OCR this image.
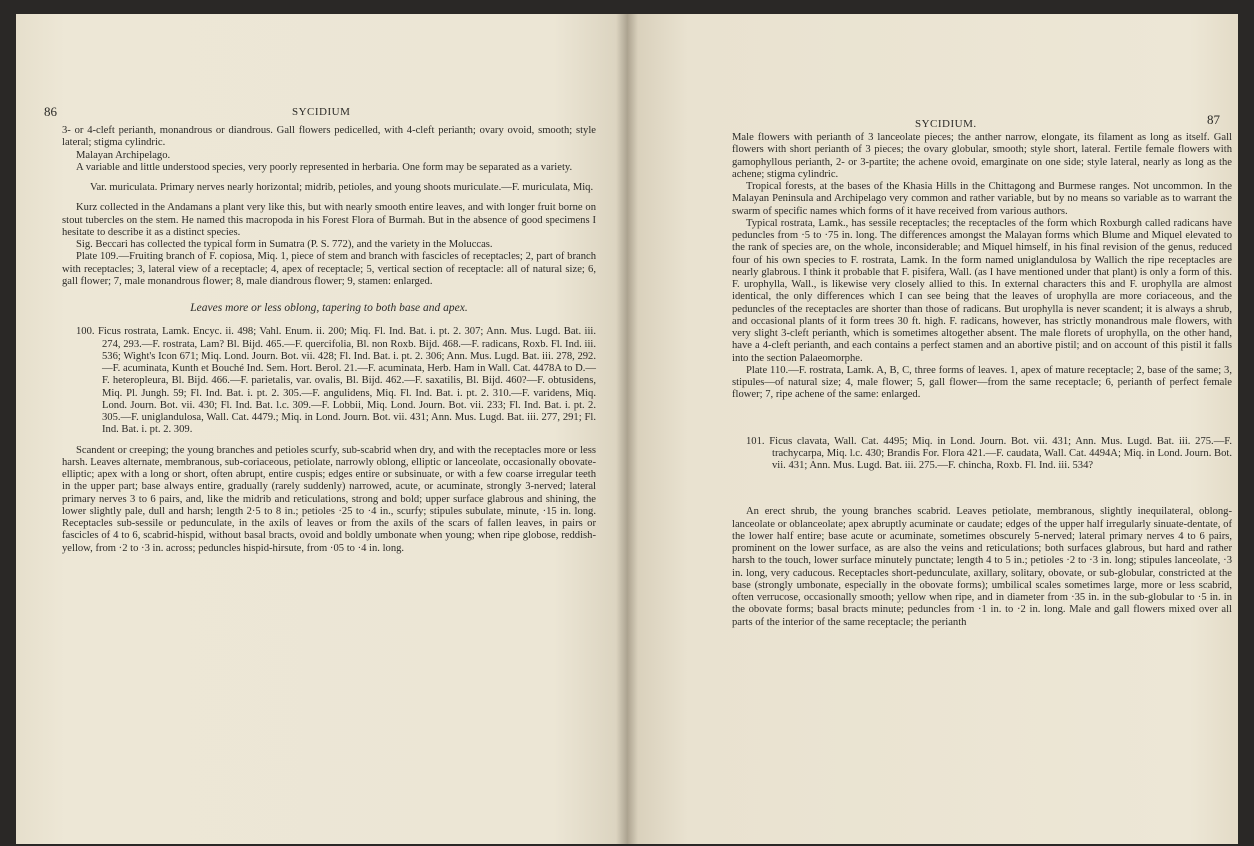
86	SYCIDIUM

3- or 4-cleft perianth, monandrous or diandrous. Gall flowers pedicelled, with 4-cleft perianth; ovary ovoid, smooth; style lateral; stigma cylindric.

Malayan Archipelago.

A variable and little understood species, very poorly represented in herbaria. One form may be separated as a variety.

Var. muriculata. Primary nerves nearly horizontal; midrib, petioles, and young shoots muriculate.—F. muriculata, Miq.

Kurz collected in the Andamans a plant very like this, but with nearly smooth entire leaves, and with longer fruit borne on stout tubercles on the stem. He named this macropoda in his Forest Flora of Burmah. But in the absence of good specimens I hesitate to describe it as a distinct species.

Sig. Beccari has collected the typical form in Sumatra (P. S. 772), and the variety in the Moluccas.

Plate 109.—Fruiting branch of F. copiosa, Miq. 1, piece of stem and branch with fascicles of receptacles; 2, part of branch with receptacles; 3, lateral view of a receptacle; 4, apex of receptacle; 5, vertical section of receptacle: all of natural size; 6, gall flower; 7, male monandrous flower; 8, male diandrous flower; 9, stamen: enlarged.

Leaves more or less oblong, tapering to both base and apex.

100. Ficus rostrata, Lamk. Encyc. ii. 498; Vahl. Enum. ii. 200; Miq. Fl. Ind. Bat. i. pt. 2. 307; Ann. Mus. Lugd. Bat. iii. 274, 293.—F. rostrata, Lam? Bl. Bijd. 465.—F. quercifolia, Bl. non Roxb. Bijd. 468.—F. radicans, Roxb. Fl. Ind. iii. 536; Wight's Icon 671; Miq. Lond. Journ. Bot. vii. 428; Fl. Ind. Bat. i. pt. 2. 306; Ann. Mus. Lugd. Bat. iii. 278, 292.—F. acuminata, Kunth et Bouché Ind. Sem. Hort. Berol. 21.—F. acuminata, Herb. Ham in Wall. Cat. 4478A to D.—F. heteropleura, Bl. Bijd. 466.—F. parietalis, var. ovalis, Bl. Bijd. 462.—F. saxatilis, Bl. Bijd. 460?—F. obtusidens, Miq. Pl. Jungh. 59; Fl. Ind. Bat. i. pt. 2. 305.—F. angulidens, Miq. Fl. Ind. Bat. i. pt. 2. 310.—F. varidens, Miq. Lond. Journ. Bot. vii. 430; Fl. Ind. Bat. l.c. 309.—F. Lobbii, Miq. Lond. Journ. Bot. vii. 233; Fl. Ind. Bat. i. pt. 2. 305.—F. uniglandulosa, Wall. Cat. 4479.; Miq. in Lond. Journ. Bot. vii. 431; Ann. Mus. Lugd. Bat. iii. 277, 291; Fl. Ind. Bat. i. pt. 2. 309.

Scandent or creeping; the young branches and petioles scurfy, sub-scabrid when dry, and with the receptacles more or less harsh. Leaves alternate, membranous, sub-coriaceous, petiolate, narrowly oblong, elliptic or lanceolate, occasionally obovate-elliptic; apex with a long or short, often abrupt, entire cuspis; edges entire or subsinuate, or with a few coarse irregular teeth in the upper part; base always entire, gradually (rarely suddenly) narrowed, acute, or acuminate, strongly 3-nerved; lateral primary nerves 3 to 6 pairs, and, like the midrib and reticulations, strong and bold; upper surface glabrous and shining, the lower slightly pale, dull and harsh; length 2·5 to 8 in.; petioles ·25 to ·4 in., scurfy; stipules subulate, minute, ·15 in. long. Receptacles sub-sessile or pedunculate, in the axils of leaves or from the axils of the scars of fallen leaves, in pairs or fascicles of 4 to 6, scabrid-hispid, without basal bracts, ovoid and boldly umbonate when young; when ripe globose, reddish-yellow, from ·2 to ·3 in. across; peduncles hispid-hirsute, from ·05 to ·4 in. long.

SYCIDIUM.	87

Male flowers with perianth of 3 lanceolate pieces; the anther narrow, elongate, its filament as long as itself. Gall flowers with short perianth of 3 pieces; the ovary globular, smooth; style short, lateral. Fertile female flowers with gamophyllous perianth, 2- or 3-partite; the achene ovoid, emarginate on one side; style lateral, nearly as long as the achene; stigma cylindric.

Tropical forests, at the bases of the Khasia Hills in the Chittagong and Burmese ranges. Not uncommon. In the Malayan Peninsula and Archipelago very common and rather variable, but by no means so variable as to warrant the swarm of specific names which forms of it have received from various authors.

Typical rostrata, Lamk., has sessile receptacles; the receptacles of the form which Roxburgh called radicans have peduncles from ·5 to ·75 in. long. The differences amongst the Malayan forms which Blume and Miquel elevated to the rank of species are, on the whole, inconsiderable; and Miquel himself, in his final revision of the genus, reduced four of his own species to F. rostrata, Lamk. In the form named uniglandulosa by Wallich the ripe receptacles are nearly glabrous. I think it probable that F. pisifera, Wall. (as I have mentioned under that plant) is only a form of this. F. urophylla, Wall., is likewise very closely allied to this. In external characters this and F. urophylla are almost identical, the only differences which I can see being that the leaves of urophylla are more coriaceous, and the peduncles of the receptacles are shorter than those of radicans. But urophylla is never scandent; it is always a shrub, and occasional plants of it form trees 30 ft. high. F. radicans, however, has strictly monandrous male flowers, with very slight 3-cleft perianth, which is sometimes altogether absent. The male florets of urophylla, on the other hand, have a 4-cleft perianth, and each contains a perfect stamen and an abortive pistil; and on account of this pistil it falls into the section Palaeomorphe.

Plate 110.—F. rostrata, Lamk. A, B, C, three forms of leaves. 1, apex of mature receptacle; 2, base of the same; 3, stipules—of natural size; 4, male flower; 5, gall flower—from the same receptacle; 6, perianth of perfect female flower; 7, ripe achene of the same: enlarged.

101. Ficus clavata, Wall. Cat. 4495; Miq. in Lond. Journ. Bot. vii. 431; Ann. Mus. Lugd. Bat. iii. 275.—F. trachycarpa, Miq. l.c. 430; Brandis For. Flora 421.—F. caudata, Wall. Cat. 4494A; Miq. in Lond. Journ. Bot. vii. 431; Ann. Mus. Lugd. Bat. iii. 275.—F. chincha, Roxb. Fl. Ind. iii. 534?

An erect shrub, the young branches scabrid. Leaves petiolate, membranous, slightly inequilateral, oblong-lanceolate or oblanceolate; apex abruptly acuminate or caudate; edges of the upper half irregularly sinuate-dentate, of the lower half entire; base acute or acuminate, sometimes obscurely 5-nerved; lateral primary nerves 4 to 6 pairs, prominent on the lower surface, as are also the veins and reticulations; both surfaces glabrous, but hard and rather harsh to the touch, lower surface minutely punctate; length 4 to 5 in.; petioles ·2 to ·3 in. long; stipules lanceolate, ·3 in. long, very caducous. Receptacles short-pedunculate, axillary, solitary, obovate, or sub-globular, constricted at the base (strongly umbonate, especially in the obovate forms); umbilical scales sometimes large, more or less scabrid, often verrucose, occasionally smooth; yellow when ripe, and in diameter from ·35 in. in the sub-globular to ·5 in. in the obovate forms; basal bracts minute; peduncles from ·1 in. to ·2 in. long. Male and gall flowers mixed over all parts of the interior of the same receptacle; the perianth
